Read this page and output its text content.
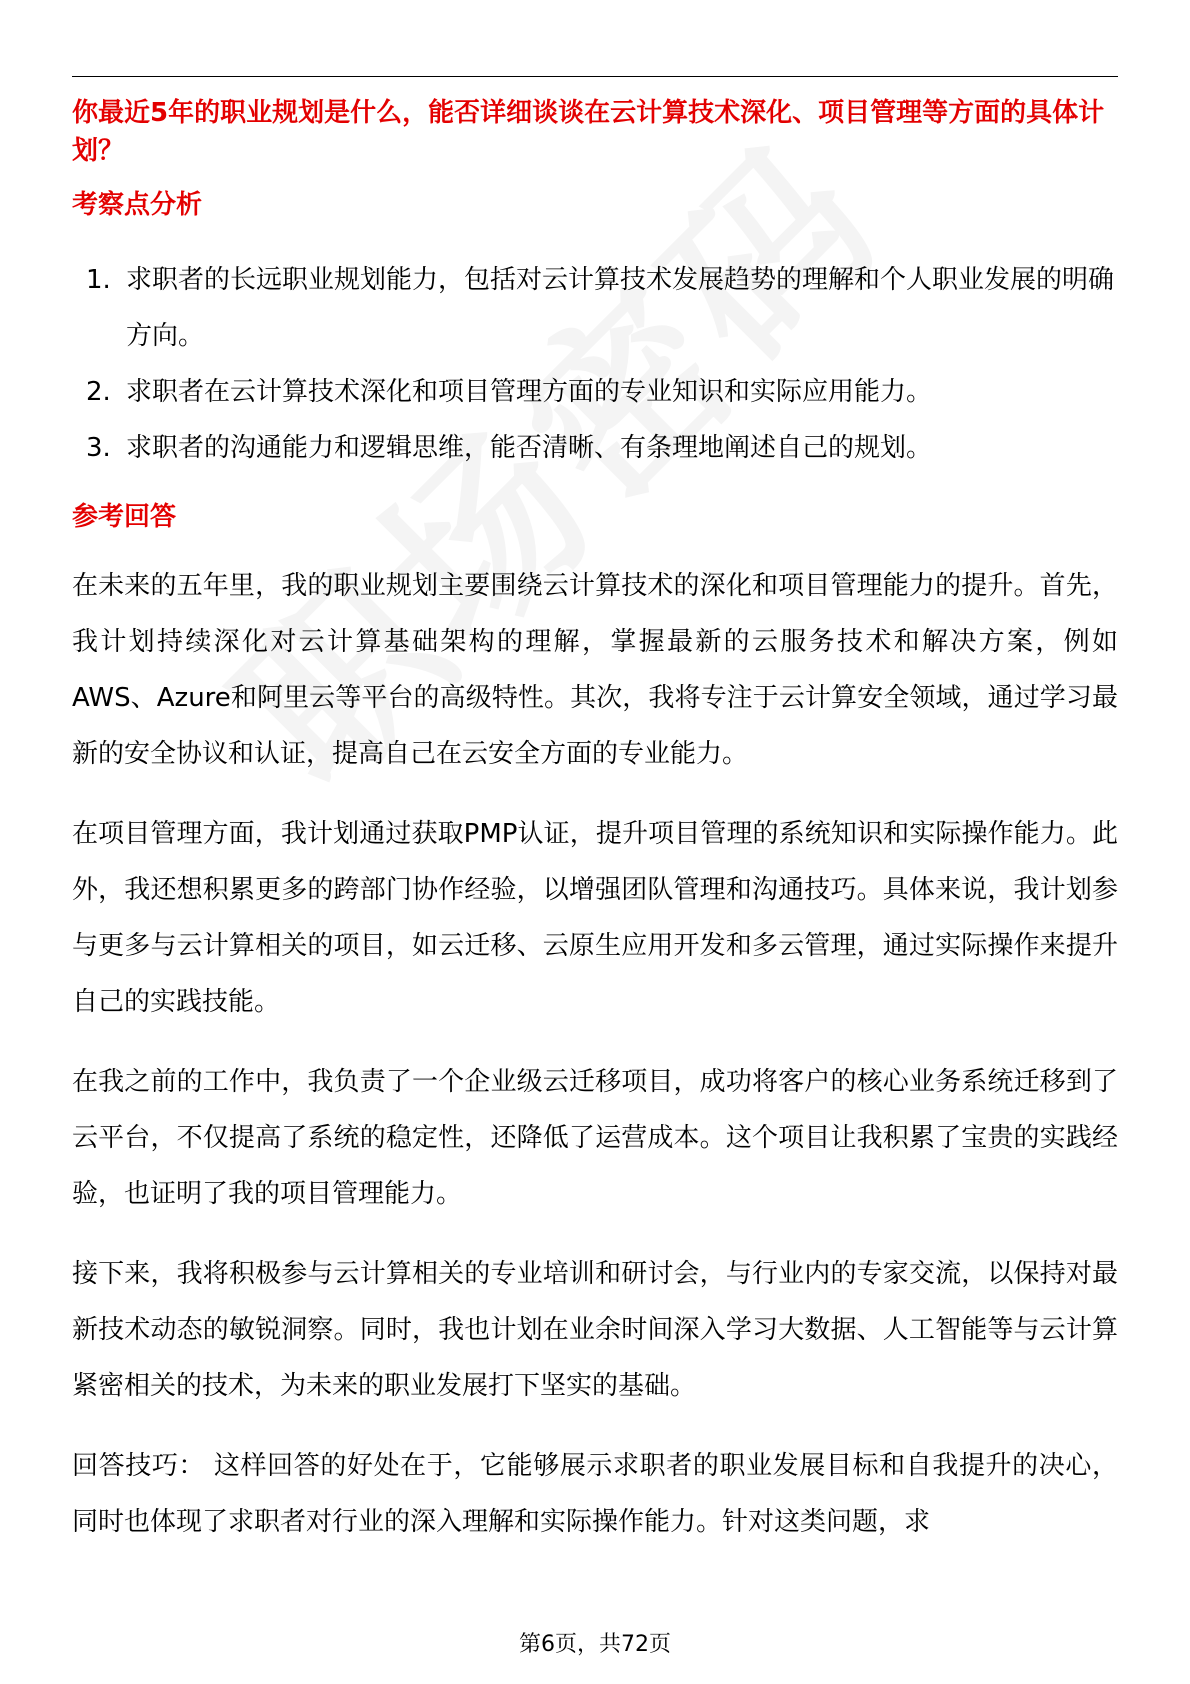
你最近5年的职业规划是什么，能否详细谈谈在云计算技术深化、项目管理等方面的具体计划？

考察点分析

1. 求职者的长远职业规划能力，包括对云计算技术发展趋势的理解和个人职业发展的明确方向。
2. 求职者在云计算技术深化和项目管理方面的专业知识和实际应用能力。
3. 求职者的沟通能力和逻辑思维，能否清晰、有条理地阐述自己的规划。

参考回答

在未来的五年里，我的职业规划主要围绕云计算技术的深化和项目管理能力的提升。首先，我计划持续深化对云计算基础架构的理解，掌握最新的云服务技术和解决方案，例如AWS、Azure和阿里云等平台的高级特性。其次，我将专注于云计算安全领域，通过学习最新的安全协议和认证，提高自己在云安全方面的专业能力。

在项目管理方面，我计划通过获取PMP认证，提升项目管理的系统知识和实际操作能力。此外，我还想积累更多的跨部门协作经验，以增强团队管理和沟通技巧。具体来说，我计划参与更多与云计算相关的项目，如云迁移、云原生应用开发和多云管理，通过实际操作来提升自己的实践技能。

在我之前的工作中，我负责了一个企业级云迁移项目，成功将客户的核心业务系统迁移到了云平台，不仅提高了系统的稳定性，还降低了运营成本。这个项目让我积累了宝贵的实践经验，也证明了我的项目管理能力。

接下来，我将积极参与云计算相关的专业培训和研讨会，与行业内的专家交流，以保持对最新技术动态的敏锐洞察。同时，我也计划在业余时间深入学习大数据、人工智能等与云计算紧密相关的技术，为未来的职业发展打下坚实的基础。

回答技巧： 这样回答的好处在于，它能够展示求职者的职业发展目标和自我提升的决心，同时也体现了求职者对行业的深入理解和实际操作能力。针对这类问题，求

第6页，共72页
